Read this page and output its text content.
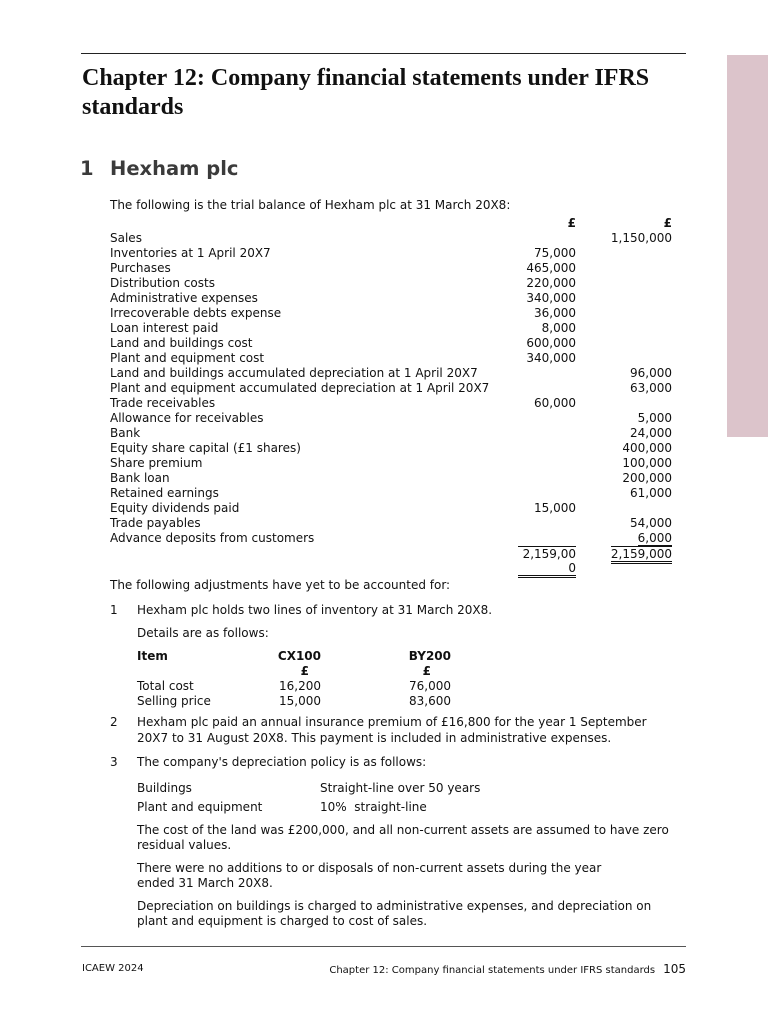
Chapter 12: Company financial statements under IFRS standards
1 Hexham plc
The following is the trial balance of Hexham plc at 31 March 20X8:
	£	£
Sales		1,150,000
Inventories at 1 April 20X7	75,000	
Purchases	465,000	
Distribution costs	220,000	
Administrative expenses	340,000	
Irrecoverable debts expense	36,000	
Loan interest paid	8,000	
Land and buildings cost	600,000	
Plant and equipment cost	340,000	
Land and buildings accumulated depreciation at 1 April 20X7		96,000
Plant and equipment accumulated depreciation at 1 April 20X7		63,000
Trade receivables	60,000	
Allowance for receivables		5,000
Bank		24,000
Equity share capital (£1 shares)		400,000
Share premium		100,000
Bank loan		200,000
Retained earnings		61,000
Equity dividends paid	15,000	
Trade payables		54,000
Advance deposits from customers		6,000
	2,159,000	2,159,000
The following adjustments have yet to be accounted for:
1 Hexham plc holds two lines of inventory at 31 March 20X8.
Details are as follows:
Item	CX100	BY200
	£	£
Total cost	16,200	76,000
Selling price	15,000	83,600
2 Hexham plc paid an annual insurance premium of £16,800 for the year 1 September 20X7 to 31 August 20X8. This payment is included in administrative expenses.
3 The company's depreciation policy is as follows:
Buildings	Straight-line over 50 years
Plant and equipment	10%  straight-line
The cost of the land was £200,000, and all non-current assets are assumed to have zero residual values.
There were no additions to or disposals of non-current assets during the year ended 31 March 20X8.
Depreciation on buildings is charged to administrative expenses, and depreciation on plant and equipment is charged to cost of sales.
ICAEW 2024	Chapter 12: Company financial statements under IFRS standards 105
